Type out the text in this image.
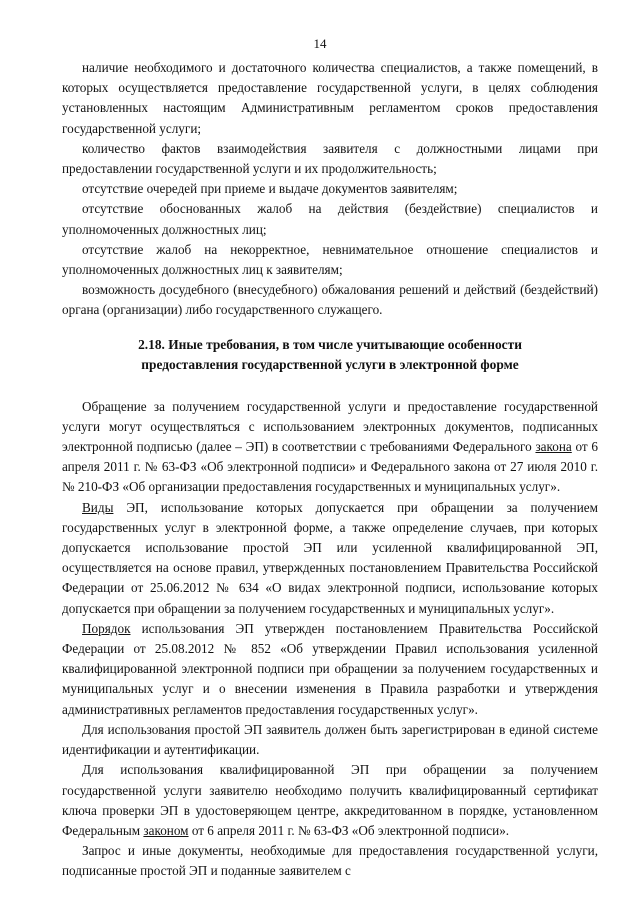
14

наличие необходимого и достаточного количества специалистов, а также помещений, в которых осуществляется предоставление государственной услуги, в целях соблюдения установленных настоящим Административным регламентом сроков предоставления государственной услуги;

количество фактов взаимодействия заявителя с должностными лицами при предоставлении государственной услуги и их продолжительность;

отсутствие очередей при приеме и выдаче документов заявителям;

отсутствие обоснованных жалоб на действия (бездействие) специалистов и уполномоченных должностных лиц;

отсутствие жалоб на некорректное, невнимательное отношение специалистов и уполномоченных должностных лиц к заявителям;

возможность досудебного (внесудебного) обжалования решений и действий (бездействий) органа (организации) либо государственного служащего.

2.18. Иные требования, в том числе учитывающие особенности
предоставления государственной услуги в электронной форме

Обращение за получением государственной услуги и предоставление государственной услуги могут осуществляться с использованием электронных документов, подписанных электронной подписью (далее – ЭП) в соответствии с требованиями Федерального закона от 6 апреля 2011 г. № 63-ФЗ «Об электронной подписи» и Федерального закона от 27 июля 2010 г. № 210-ФЗ «Об организации предоставления государственных и муниципальных услуг».

Виды ЭП, использование которых допускается при обращении за получением государственных услуг в электронной форме, а также определение случаев, при которых допускается использование простой ЭП или усиленной квалифицированной ЭП, осуществляется на основе правил, утвержденных постановлением Правительства Российской Федерации от 25.06.2012 № 634 «О видах электронной подписи, использование которых допускается при обращении за получением государственных и муниципальных услуг».

Порядок использования ЭП утвержден постановлением Правительства Российской Федерации от 25.08.2012 № 852 «Об утверждении Правил использования усиленной квалифицированной электронной подписи при обращении за получением государственных и муниципальных услуг и о внесении изменения в Правила разработки и утверждения административных регламентов предоставления государственных услуг».

Для использования простой ЭП заявитель должен быть зарегистрирован в единой системе идентификации и аутентификации.

Для использования квалифицированной ЭП при обращении за получением государственной услуги заявителю необходимо получить квалифицированный сертификат ключа проверки ЭП в удостоверяющем центре, аккредитованном в порядке, установленном Федеральным законом от 6 апреля 2011 г. № 63-ФЗ «Об электронной подписи».

Запрос и иные документы, необходимые для предоставления государственной услуги, подписанные простой ЭП и поданные заявителем с
